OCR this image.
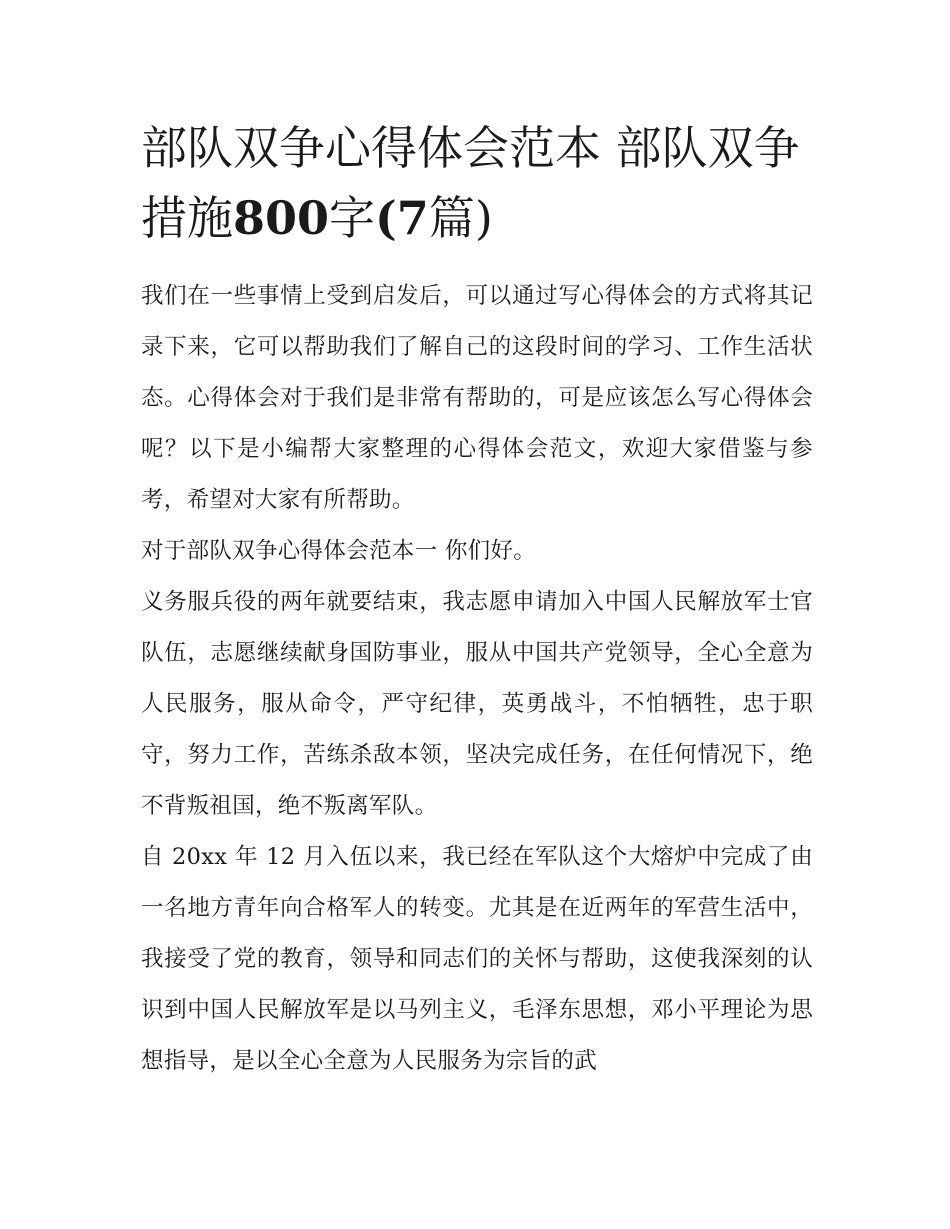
部队双争心得体会范本 部队双争措施800字(7篇)

我们在一些事情上受到启发后，可以通过写心得体会的方式将其记录下来，它可以帮助我们了解自己的这段时间的学习、工作生活状态。心得体会对于我们是非常有帮助的，可是应该怎么写心得体会呢？以下是小编帮大家整理的心得体会范文，欢迎大家借鉴与参考，希望对大家有所帮助。

对于部队双争心得体会范本一 你们好。

义务服兵役的两年就要结束，我志愿申请加入中国人民解放军士官队伍，志愿继续献身国防事业，服从中国共产党领导，全心全意为人民服务，服从命令，严守纪律，英勇战斗，不怕牺牲，忠于职守，努力工作，苦练杀敌本领，坚决完成任务，在任何情况下，绝不背叛祖国，绝不叛离军队。

自 20xx 年 12 月入伍以来，我已经在军队这个大熔炉中完成了由一名地方青年向合格军人的转变。尤其是在近两年的军营生活中，我接受了党的教育，领导和同志们的关怀与帮助，这使我深刻的认识到中国人民解放军是以马列主义，毛泽东思想，邓小平理论为思想指导，是以全心全意为人民服务为宗旨的武
